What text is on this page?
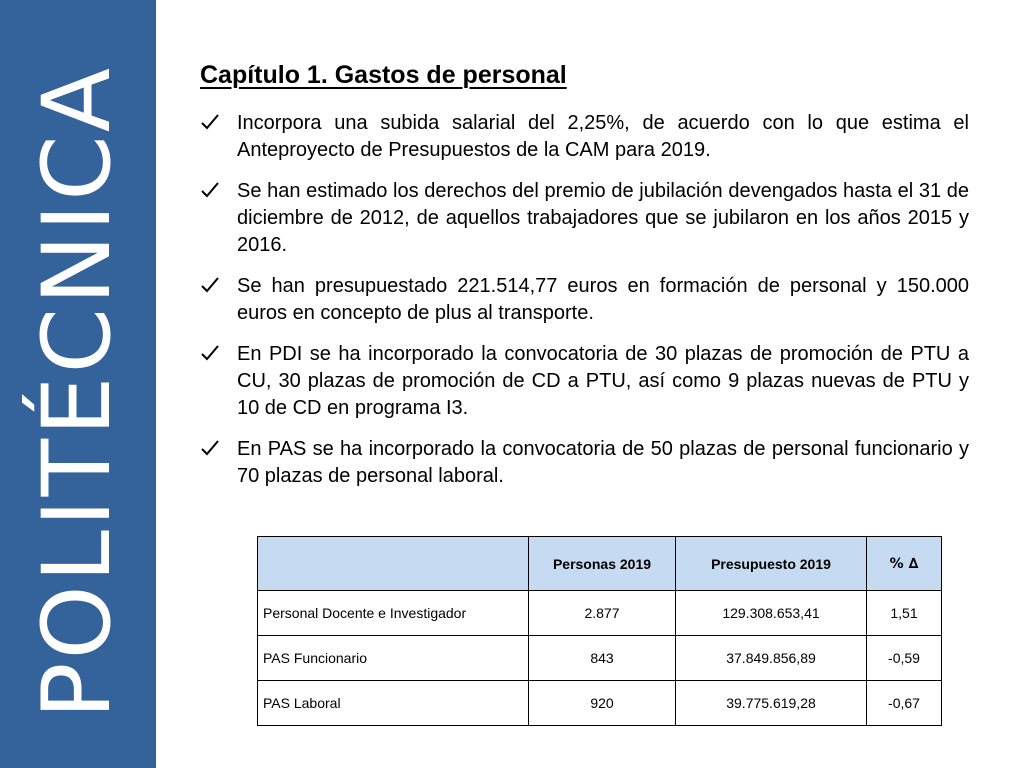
POLITÉCNICA	Capítulo 1. Gastos de personal
Incorpora una subida salarial del 2,25%, de acuerdo con lo que estima el Anteproyecto de Presupuestos de la CAM para 2019.
Se han estimado los derechos del premio de jubilación devengados hasta el 31 de diciembre de 2012, de aquellos trabajadores que se jubilaron en los años 2015 y 2016.
Se han presupuestado 221.514,77 euros en formación de personal y 150.000 euros en concepto de plus al transporte.
En PDI se ha incorporado la convocatoria de 30 plazas de promoción de PTU a CU, 30 plazas de promoción de CD a PTU, así como 9 plazas nuevas de PTU y 10 de CD en programa I3.
En PAS se ha incorporado la convocatoria de 50 plazas de personal funcionario y 70 plazas de personal laboral.
	Personas 2019	Presupuesto 2019	% ∆
Personal Docente e Investigador	2.877	129.308.653,41	1,51
PAS Funcionario	843	37.849.856,89	-0,59
PAS Laboral	920	39.775.619,28	-0,67
